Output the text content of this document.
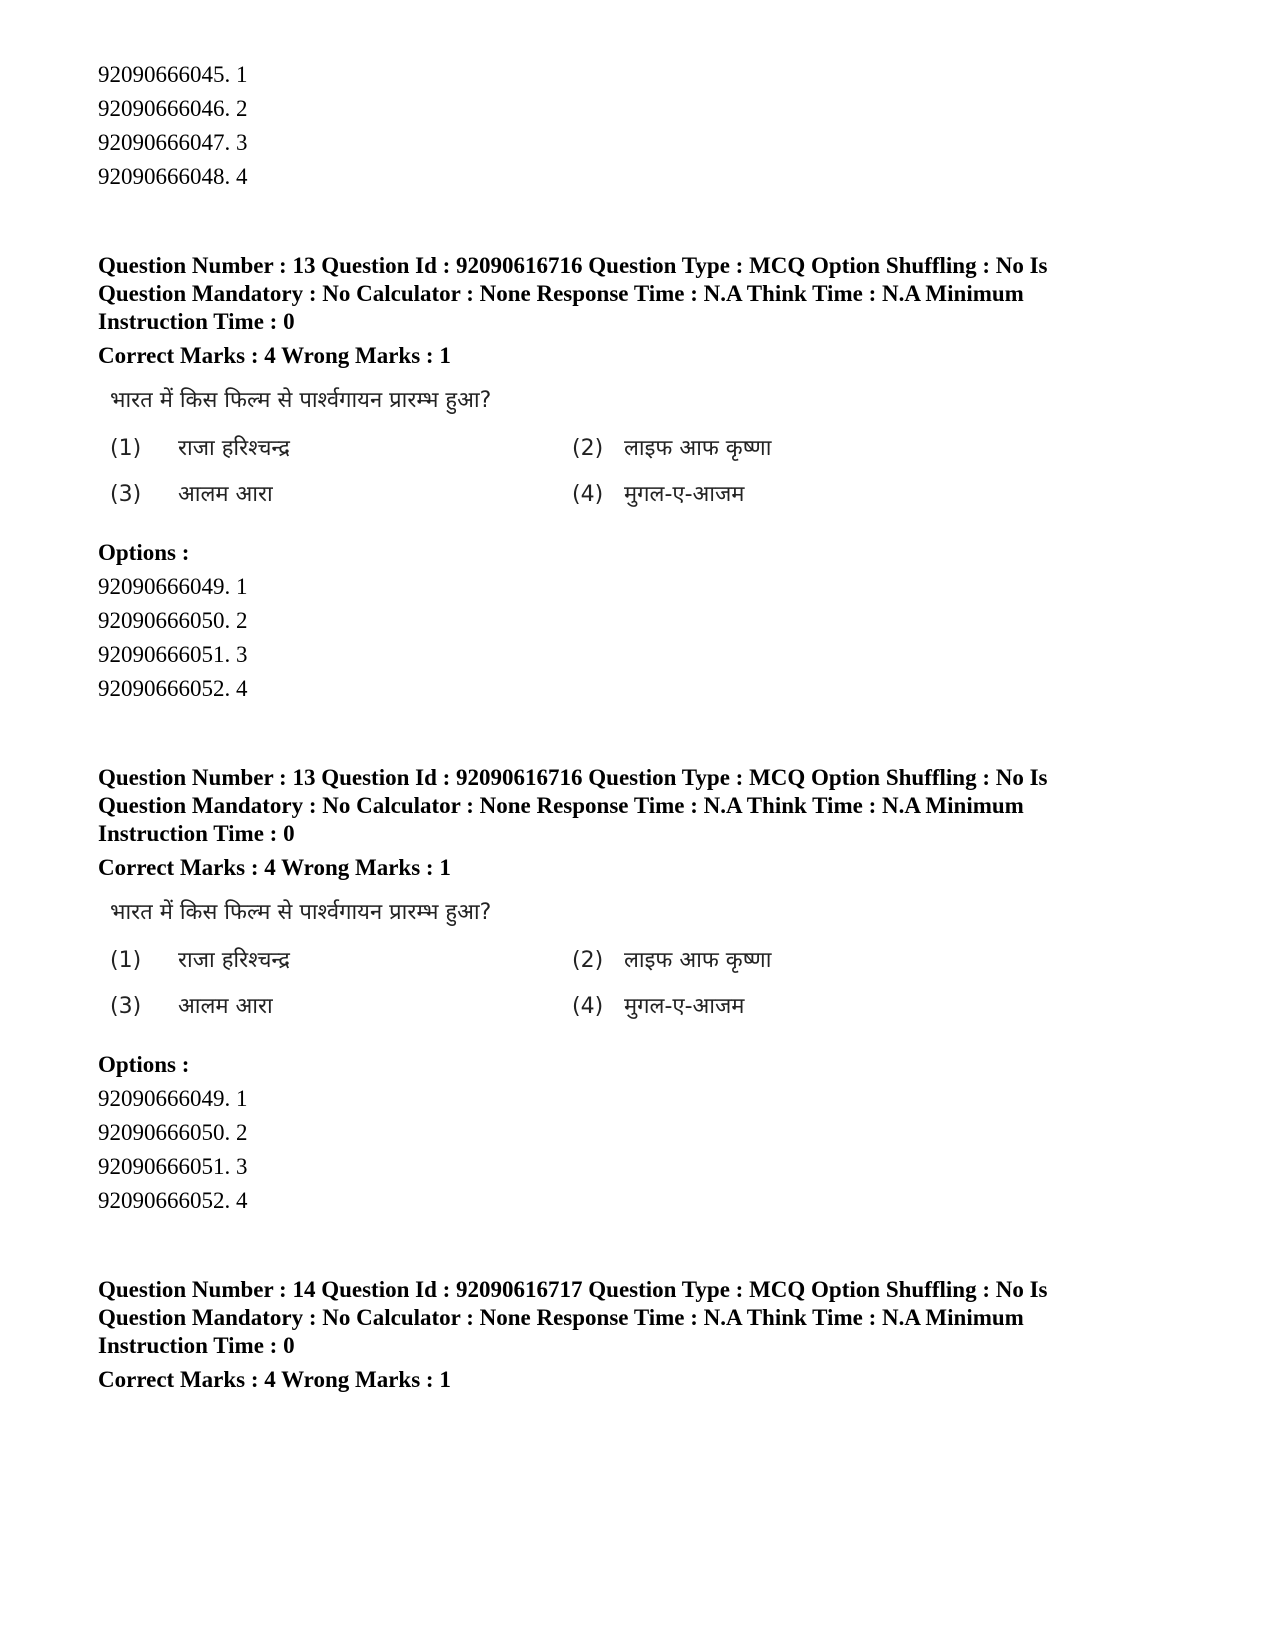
92090666045. 1
92090666046. 2
92090666047. 3
92090666048. 4
Question Number : 13 Question Id : 92090616716 Question Type : MCQ Option Shuffling : No Is Question Mandatory : No Calculator : None Response Time : N.A Think Time : N.A Minimum Instruction Time : 0
Correct Marks : 4 Wrong Marks : 1
भारत में किस फिल्म से पार्श्वगायन प्रारम्भ हुआ?
(1)	राजा हरिश्चन्द्र	(2) लाइफ आफ कृष्णा
(3)	आलम आरा	(4) मुगल-ए-आजम
Options :
92090666049. 1
92090666050. 2
92090666051. 3
92090666052. 4
Question Number : 13 Question Id : 92090616716 Question Type : MCQ Option Shuffling : No Is Question Mandatory : No Calculator : None Response Time : N.A Think Time : N.A Minimum Instruction Time : 0
Correct Marks : 4 Wrong Marks : 1
भारत में किस फिल्म से पार्श्वगायन प्रारम्भ हुआ?
(1)	राजा हरिश्चन्द्र	(2) लाइफ आफ कृष्णा
(3)	आलम आरा	(4) मुगल-ए-आजम
Options :
92090666049. 1
92090666050. 2
92090666051. 3
92090666052. 4
Question Number : 14 Question Id : 92090616717 Question Type : MCQ Option Shuffling : No Is Question Mandatory : No Calculator : None Response Time : N.A Think Time : N.A Minimum Instruction Time : 0
Correct Marks : 4 Wrong Marks : 1
